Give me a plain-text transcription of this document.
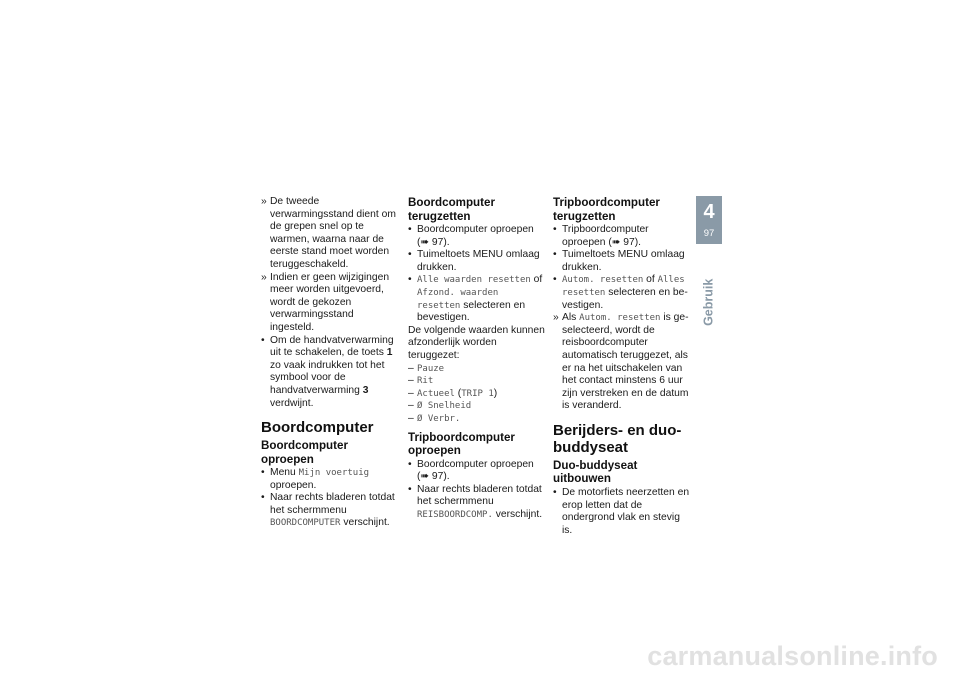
» De tweede verwarmingsstand dient om de grepen snel op te warmen, waarna naar de eerste stand moet worden teruggeschakeld.
» Indien er geen wijzigingen meer worden uitgevoerd, wordt de gekozen verwarmingsstand ingesteld.
• Om de handvatverwarming uit te schakelen, de toets 1 zo vaak indrukken tot het symbool voor de handvatverwarming 3 verdwijnt.
Boordcomputer
Boordcomputer oproepen
• Menu Mijn voertuig oproepen.
• Naar rechts bladeren totdat het schermmenu BOORDCOMPUTER verschijnt.
Boordcomputer terugzetten
• Boordcomputer oproepen (➠ 97).
• Tuimeltoets MENU omlaag drukken.
• Alle waarden resetten of Afzond. waarden resetten selecteren en bevestigen.

De volgende waarden kunnen afzonderlijk worden teruggezet:

– Pauze
– Rit
– Actueel (TRIP 1)
– Ø Snelheid
– Ø Verbr.
Tripboordcomputer oproepen
• Boordcomputer oproepen (➠ 97).
• Naar rechts bladeren totdat het schermmenu REISBOORDCOMP. verschijnt.
Tripboordcomputer terugzetten
• Tripboordcomputer oproepen (➠ 97).
• Tuimeltoets MENU omlaag drukken.
• Autom. resetten of Alles resetten selecteren en bevestigen.
» Als Autom. resetten is geselecteerd, wordt de reisboordcomputer automatisch teruggezet, als er na het uitschakelen van het contact minstens 6 uur zijn verstreken en de datum is veranderd.
Berijders- en duo-buddyseat
Duo-buddyseat uitbouwen
• De motorfiets neerzetten en erop letten dat de ondergrond vlak en stevig is.
4
97
Gebruik
carmanualsonline.info
